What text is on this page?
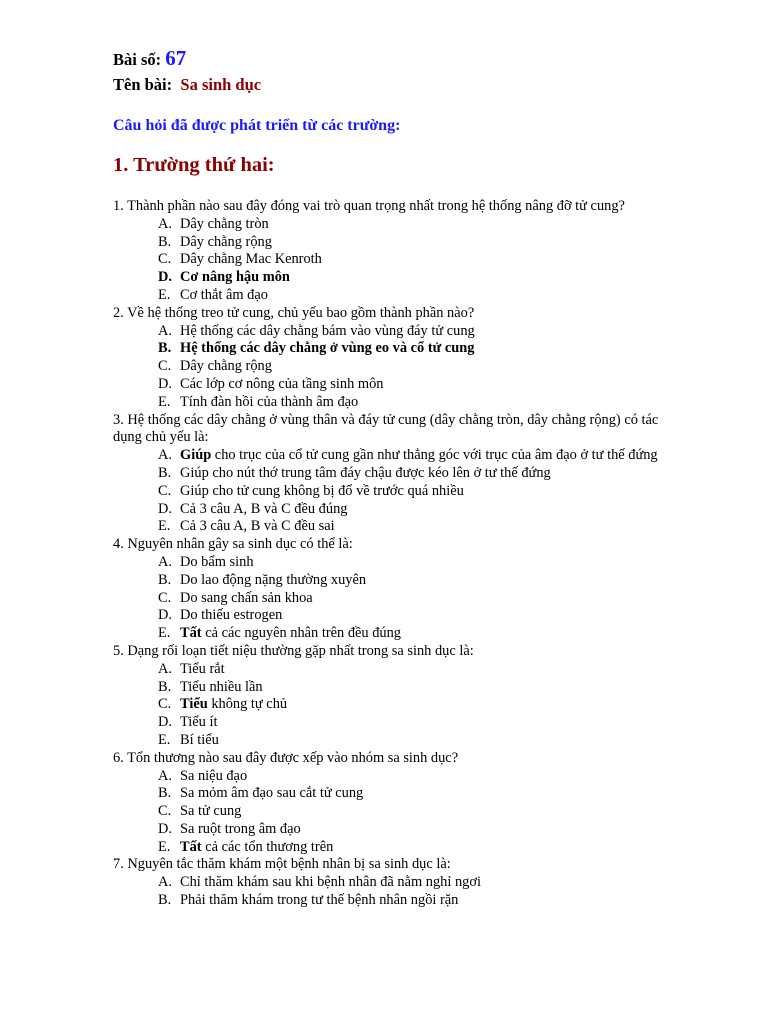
Bài số: 67
Tên bài: Sa sinh dục
Câu hỏi đã được phát triển từ các trường:
1. Trường thứ hai:
1. Thành phần nào sau đây đóng vai trò quan trọng nhất trong hệ thống nâng đỡ tử cung?
A. Dây chằng tròn
B. Dây chằng rộng
C. Dây chằng Mac Kenroth
D. Cơ nâng hậu môn
E. Cơ thắt âm đạo
2. Về hệ thống treo tử cung, chủ yếu bao gồm thành phần nào?
A. Hệ thống các dây chằng bám vào vùng đáy tử cung
B. Hệ thống các dây chằng ở vùng eo và cổ tử cung
C. Dây chằng rộng
D. Các lớp cơ nông của tầng sinh môn
E. Tính đàn hồi của thành âm đạo
3. Hệ thống các dây chằng ở vùng thân và đáy tử cung (dây chằng tròn, dây chằng rộng) có tác dụng chủ yếu là:
A. Giúp cho trục của cổ tử cung gần như thẳng góc với trục của âm đạo ở tư thế đứng
B. Giúp cho nút thớ trung tâm đáy chậu được kéo lên ở tư thế đứng
C. Giúp cho tử cung không bị đổ về trước quá nhiều
D. Cả 3 câu A, B và C đều đúng
E. Cả 3 câu A, B và C đều sai
4. Nguyên nhân gây sa sinh dục có thể là:
A. Do bẩm sinh
B. Do lao động nặng thường xuyên
C. Do sang chấn sản khoa
D. Do thiếu estrogen
E. Tất cả các nguyên nhân trên đều đúng
5. Dạng rối loạn tiết niệu thường gặp nhất trong sa sinh dục là:
A. Tiểu rắt
B. Tiểu nhiều lần
C. Tiểu không tự chủ
D. Tiểu ít
E. Bí tiểu
6. Tổn thương nào sau đây được xếp vào nhóm sa sinh dục?
A. Sa niệu đạo
B. Sa mỏm âm đạo sau cắt tử cung
C. Sa tử cung
D. Sa ruột trong âm đạo
E. Tất cả các tổn thương trên
7. Nguyên tắc thăm khám một bệnh nhân bị sa sinh dục là:
A. Chỉ thăm khám sau khi bệnh nhân đã nằm nghỉ ngơi
B. Phải thăm khám trong tư thế bệnh nhân ngồi rặn
